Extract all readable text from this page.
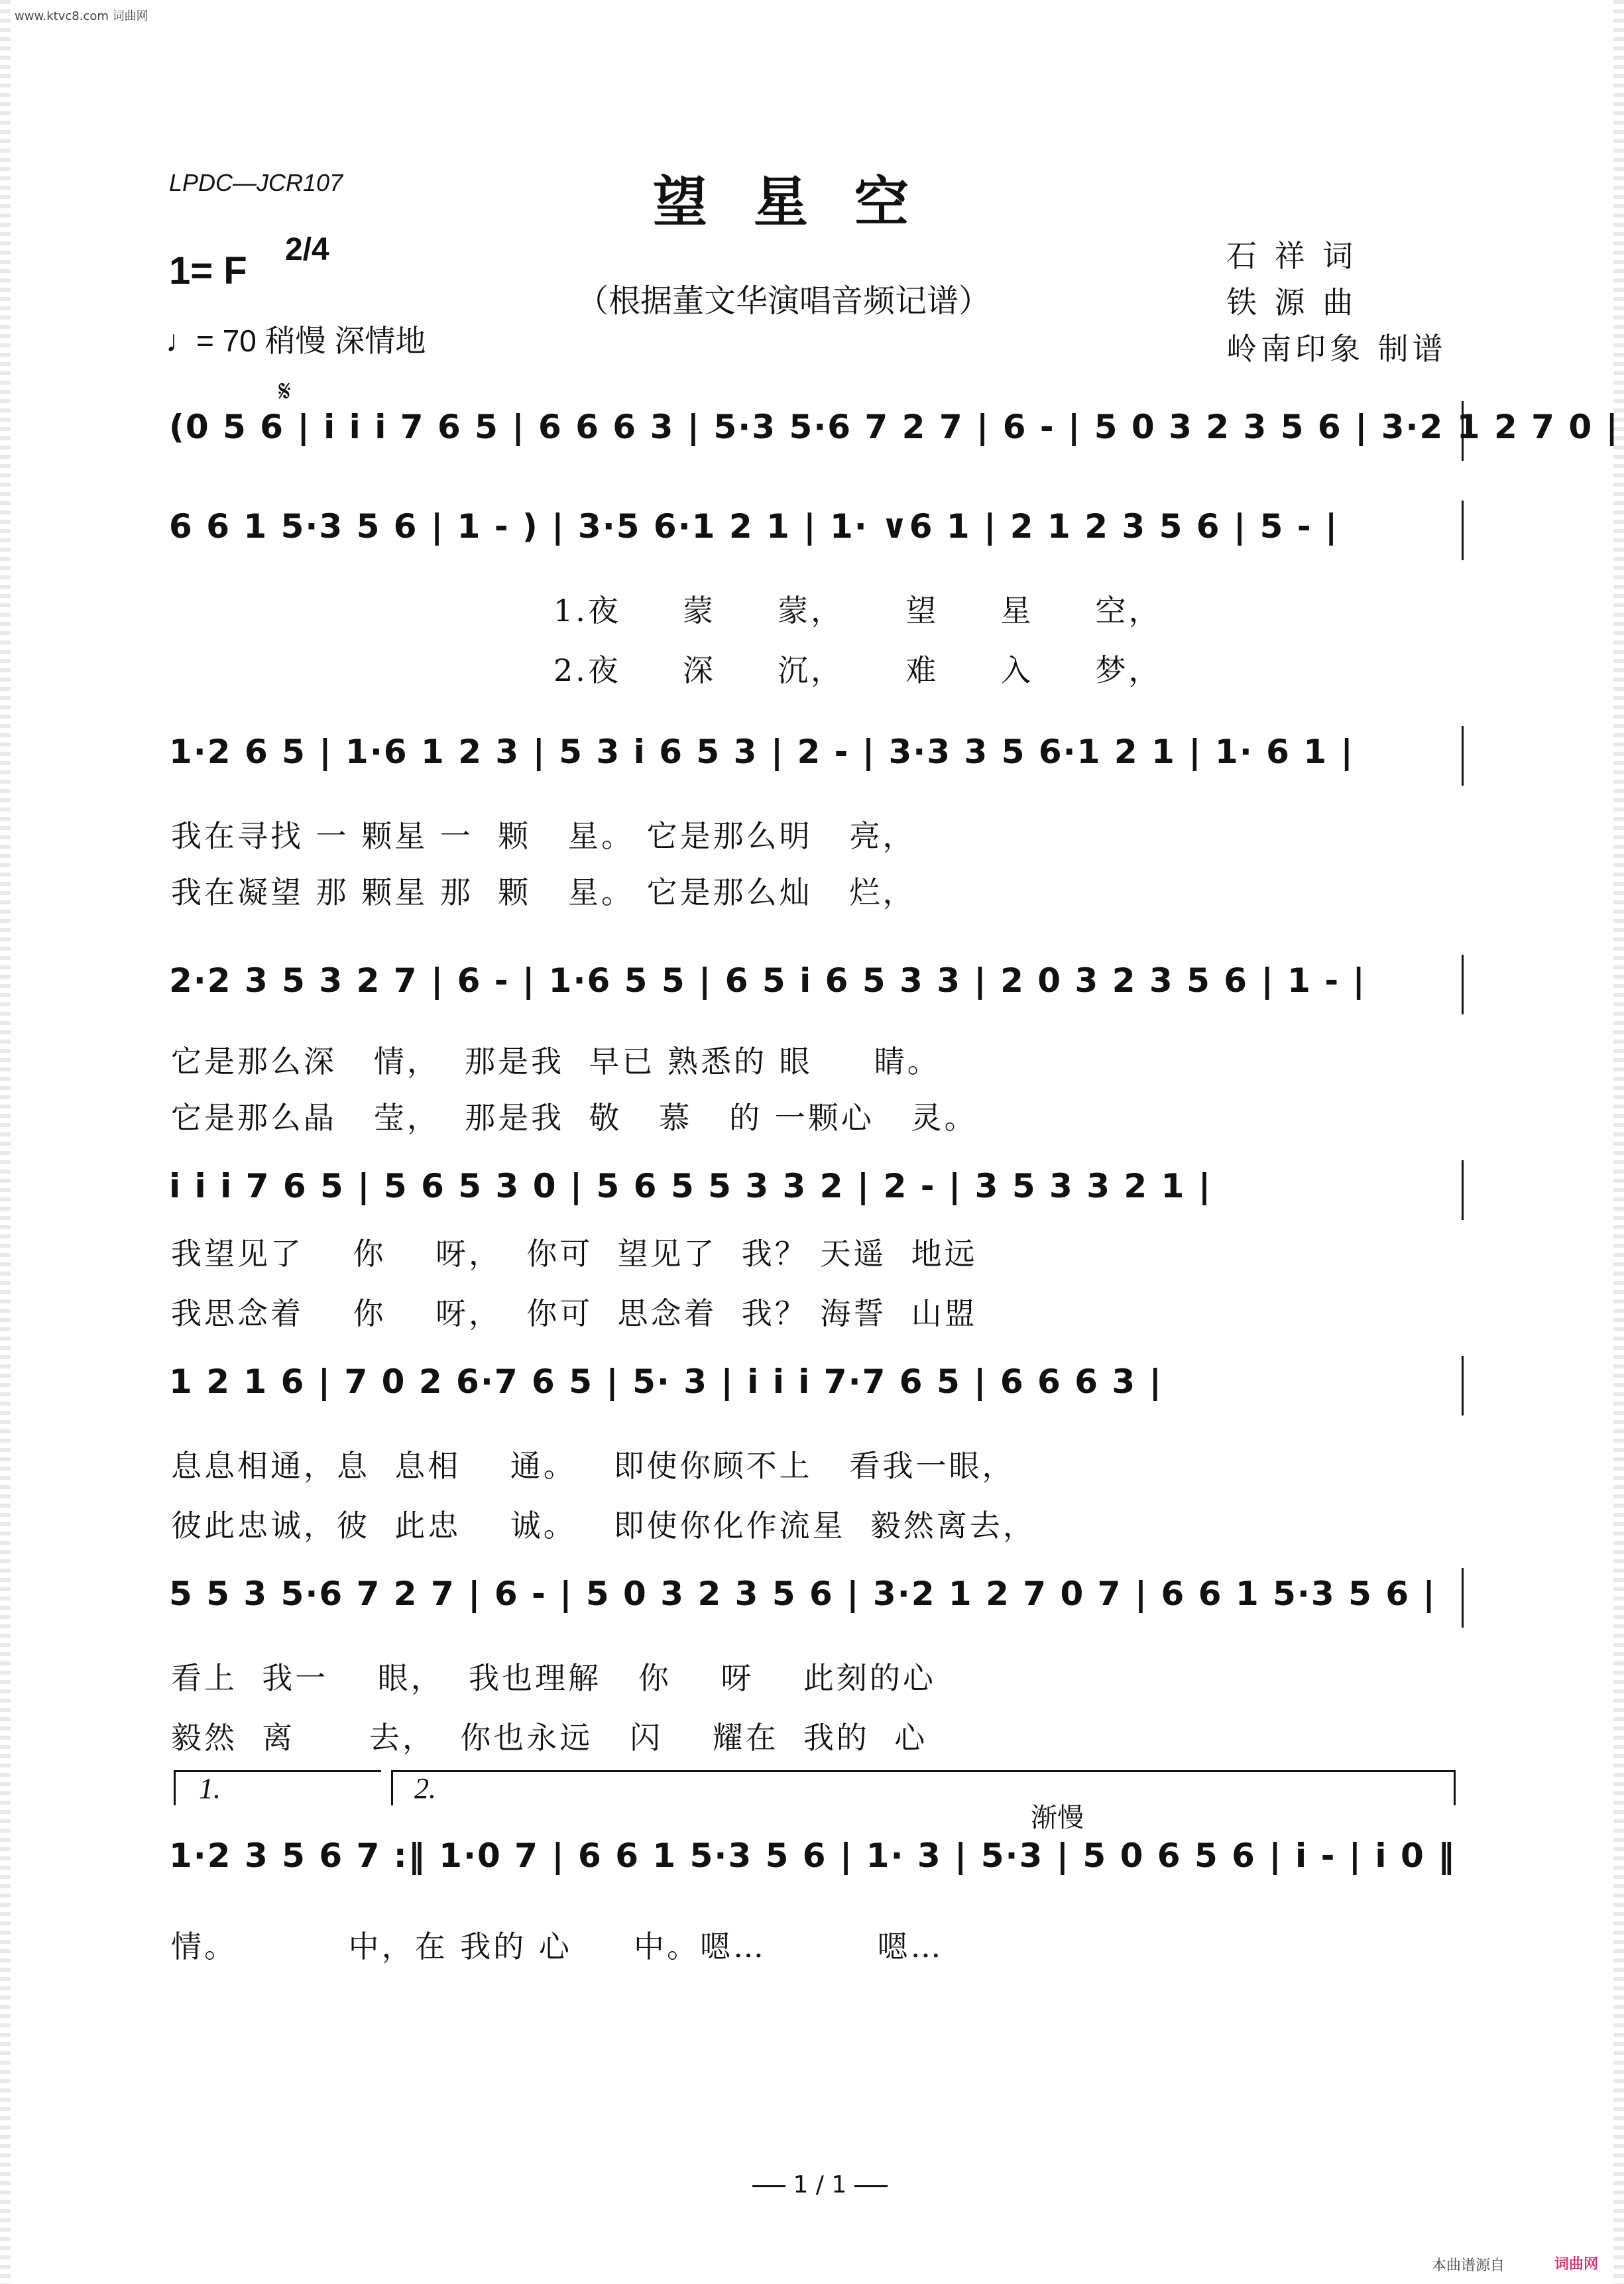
www.ktvc8.com 词曲网
LPDC—JCR107	望星空
（根据董文华演唱音频记谱）
1= F 2/4
♩= 70 稍慢 深情地
石 祥 词
铁 源 曲
岭南印象 制谱
𝄋
(0 5 6 | i i i 7 6 5 | 6 6 6 3 | 5·3 5·6 7 2 7 | 6 - | 5 0 3 2 3 5 6 | 3·2 1 2 7 0 |
6 6 1 5·3 5 6 | 1 - ) | 3·5 6·1 2 1 | 1· ∨6 1 | 2 1 2 3 5 6 | 5 - |
1.夜     蒙     蒙，     望     星     空，
2.夜     深     沉，     难     入     梦，
1·2 6 5 | 1·6 1 2 3 | 5 3 i 6 5 3 | 2 - | 3·3 3 5 6·1 2 1 | 1· 6 1 |
我在寻找 一 颗星 一  颗   星。 它是那么明   亮，
我在凝望 那 颗星 那  颗   星。 它是那么灿   烂，
2·2 3 5 3 2 7 | 6 - | 1·6 5 5 | 6 5 i 6 5 3 3 | 2 0 3 2 3 5 6 | 1 - |
它是那么深   情，  那是我  早已 熟悉的 眼     睛。
它是那么晶   莹，  那是我  敬   慕   的 一颗心   灵。
i i i 7 6 5 | 5 6 5 3 0 | 5 6 5 5 3 3 2 | 2 - | 3 5 3 3 2 1 |
我望见了    你    呀，  你可  望见了  我？ 天遥  地远
我思念着    你    呀，  你可  思念着  我？ 海誓  山盟
1 2 1 6 | 7 0 2 6·7 6 5 | 5· 3 | i i i 7·7 6 5 | 6 6 6 3 |
息息相通，息  息相    通。   即使你顾不上   看我一眼，
彼此忠诚，彼  此忠    诚。   即使你化作流星  毅然离去，
5 5 3 5·6 7 2 7 | 6 - | 5 0 3 2 3 5 6 | 3·2 1 2 7 0 7 | 6 6 1 5·3 5 6 |
看上  我一    眼，  我也理解   你    呀    此刻的心
毅然  离      去，  你也永远   闪    耀在  我的  心
1.	2.
渐慢
1·2 3 5 6 7 :‖ 1·0 7 | 6 6 1 5·3 5 6 | 1· 3 | 5·3 | 5 0 6 5 6 | i - | i 0 ‖
情。         中，在 我的 心     中。嗯…         嗯…
1 / 1
本曲谱源自	词曲网
